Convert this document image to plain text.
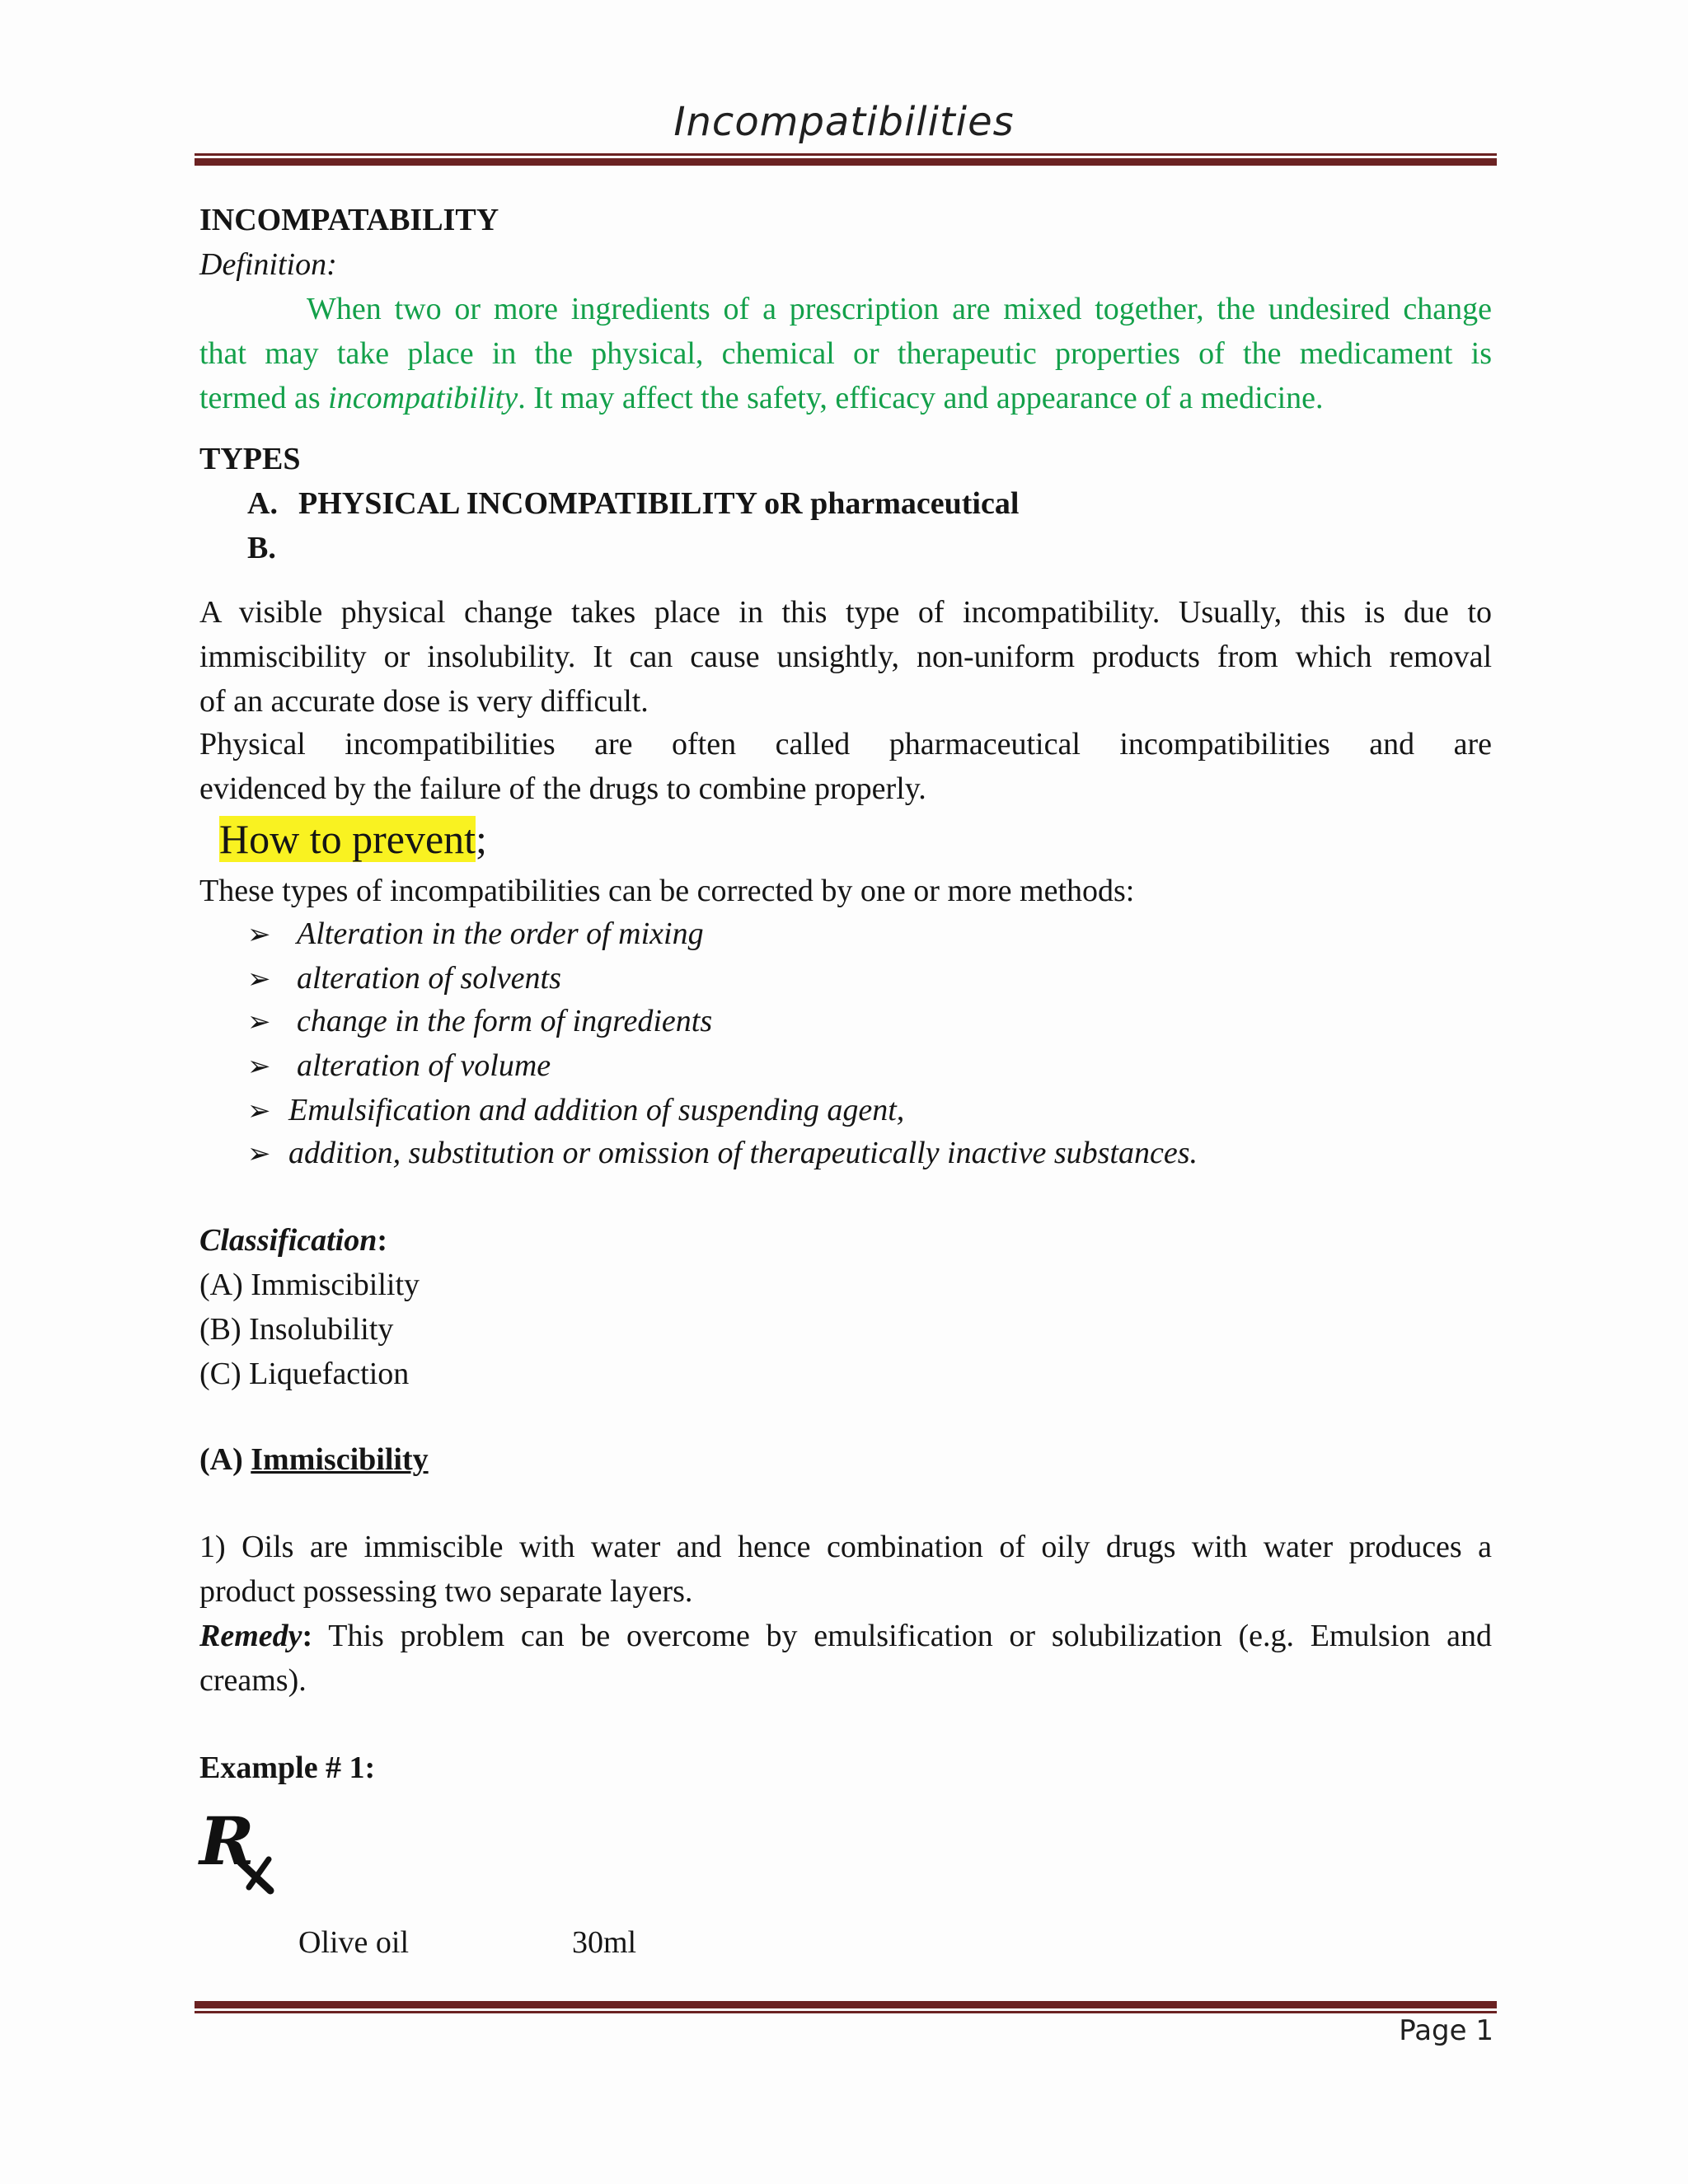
Incompatibilities
INCOMPATABILITY
Definition:
When two or more ingredients of a prescription are mixed together, the undesired change
that may take place in the physical, chemical or therapeutic properties of the medicament is
termed as incompatibility. It may affect the safety, efficacy and appearance of a medicine.
TYPES
A. PHYSICAL INCOMPATIBILITY oR pharmaceutical
B.
A visible physical change takes place in this type of incompatibility. Usually, this is due to
immiscibility or insolubility. It can cause unsightly, non-uniform products from which removal
of an accurate dose is very difficult.
Physical incompatibilities are often called pharmaceutical incompatibilities and are
evidenced by the failure of the drugs to combine properly.
How to prevent;
These types of incompatibilities can be corrected by one or more methods:
➢ Alteration in the order of mixing
➢ alteration of solvents
➢ change in the form of ingredients
➢ alteration of volume
➢ Emulsification and addition of suspending agent,
➢ addition, substitution or omission of therapeutically inactive substances.
Classification:
(A) Immiscibility
(B) Insolubility
(C) Liquefaction
(A) Immiscibility
1) Oils are immiscible with water and hence combination of oily drugs with water produces a
product possessing two separate layers.
Remedy: This problem can be overcome by emulsification or solubilization (e.g. Emulsion and
creams).
Example # 1:
R
Olive oil	30ml
Page 1
